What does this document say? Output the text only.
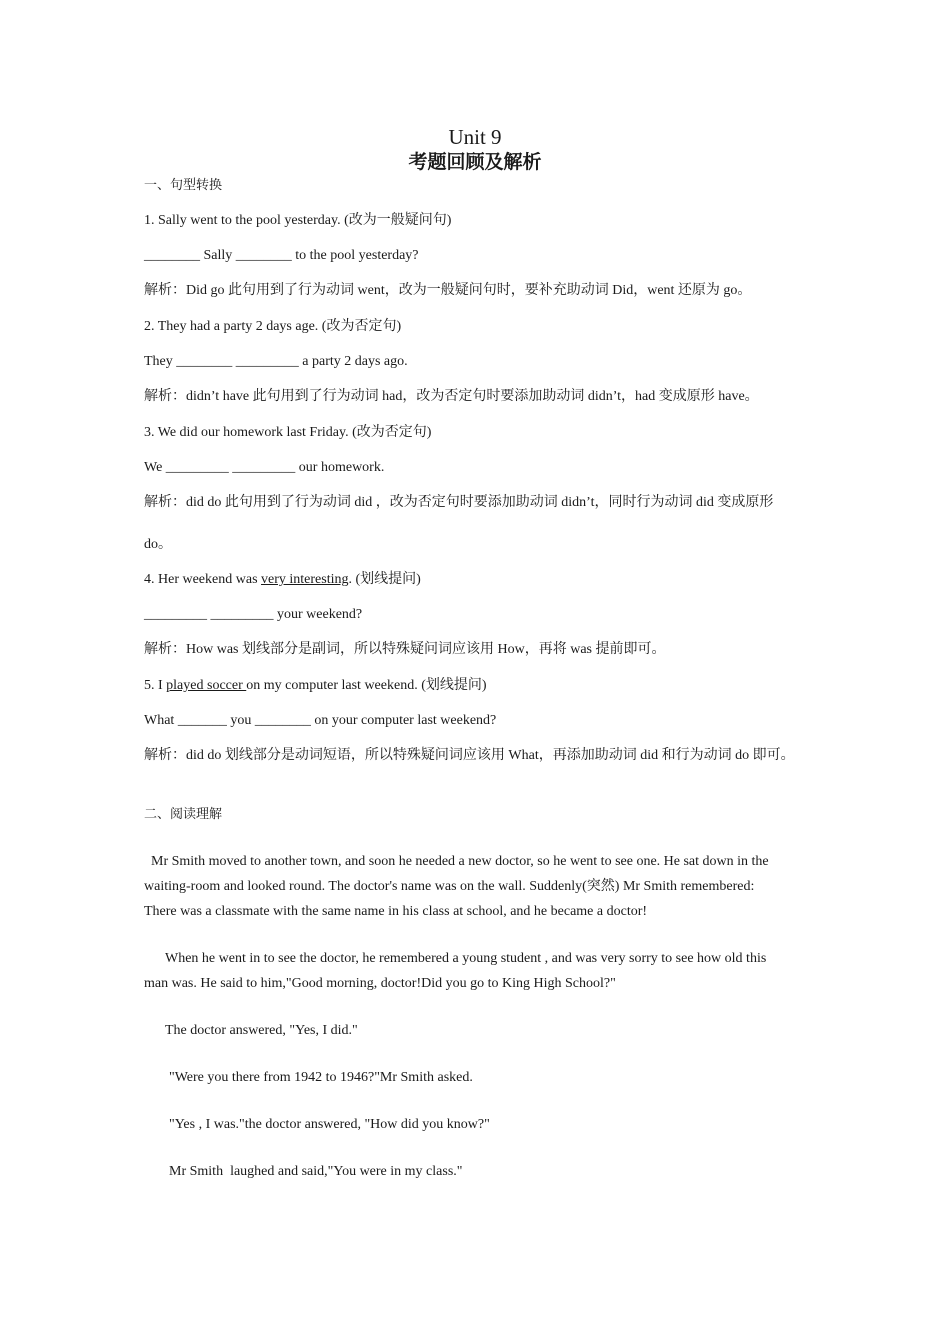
Unit 9
考题回顾及解析
一、句型转换
1. Sally went to the pool yesterday. (改为一般疑问句)
________ Sally ________ to the pool yesterday?
解析：Did go 此句用到了行为动词 went，改为一般疑问句时，要补充助动词 Did，went 还原为 go。
2. They had a party 2 days age. (改为否定句)
They ________ _________ a party 2 days ago.
解析：didn’t have 此句用到了行为动词 had，改为否定句时要添加助动词 didn’t，had 变成原形 have。
3. We did our homework last Friday. (改为否定句)
We _________ _________ our homework.
解析：did do 此句用到了行为动词 did ，改为否定句时要添加助动词 didn’t，同时行为动词 did 变成原形
do。
4. Her weekend was very interesting. (划线提问)
_________ _________ your weekend?
解析：How was 划线部分是副词，所以特殊疑问词应该用 How，再将 was 提前即可。
5. I played soccer on my computer last weekend. (划线提问)
What _______ you ________ on your computer last weekend?
解析：did do 划线部分是动词短语，所以特殊疑问词应该用 What，再添加助动词 did 和行为动词 do 即可。
二、阅读理解
Mr Smith moved to another town, and soon he needed a new doctor, so he went to see one. He sat down in the
waiting-room and looked round. The doctor's name was on the wall. Suddenly(突然) Mr Smith remembered:
There was a classmate with the same name in his class at school, and he became a doctor!
When he went in to see the doctor, he remembered a young student , and was very sorry to see how old this
man was. He said to him,"Good morning, doctor!Did you go to King High School?"
The doctor answered, "Yes, I did."
"Were you there from 1942 to 1946?"Mr Smith asked.
"Yes , I was."the doctor answered, "How did you know?"
Mr Smith  laughed and said,"You were in my class."
